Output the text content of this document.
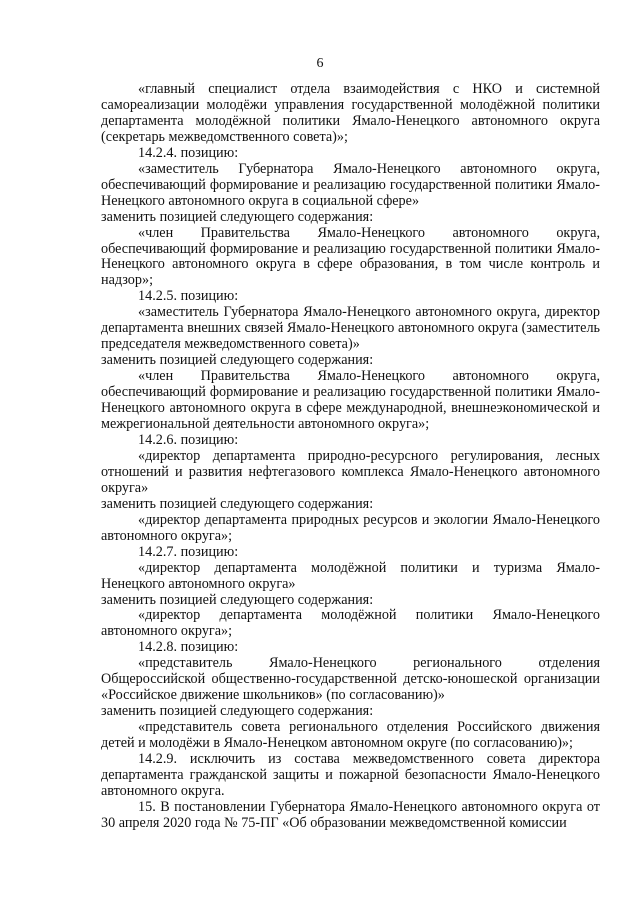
6

«главный специалист отдела взаимодействия с НКО и системной самореализации молодёжи управления государственной молодёжной политики департамента молодёжной политики Ямало-Ненецкого автономного округа (секретарь межведомственного совета)»;

14.2.4. позицию:

«заместитель Губернатора Ямало-Ненецкого автономного округа, обеспечивающий формирование и реализацию государственной политики Ямало-Ненецкого автономного округа в социальной сфере»

заменить позицией следующего содержания:

«член Правительства Ямало-Ненецкого автономного округа, обеспечивающий формирование и реализацию государственной политики Ямало-Ненецкого автономного округа в сфере образования, в том числе контроль и надзор»;

14.2.5. позицию:

«заместитель Губернатора Ямало-Ненецкого автономного округа, директор департамента внешних связей Ямало-Ненецкого автономного округа (заместитель председателя межведомственного совета)»

заменить позицией следующего содержания:

«член Правительства Ямало-Ненецкого автономного округа, обеспечивающий формирование и реализацию государственной политики Ямало-Ненецкого автономного округа в сфере международной, внешнеэкономической и межрегиональной деятельности автономного округа»;

14.2.6. позицию:

«директор департамента природно-ресурсного регулирования, лесных отношений и развития нефтегазового комплекса Ямало-Ненецкого автономного округа»

заменить позицией следующего содержания:

«директор департамента природных ресурсов и экологии Ямало-Ненецкого автономного округа»;

14.2.7. позицию:

«директор департамента молодёжной политики и туризма Ямало-Ненецкого автономного округа»

заменить позицией следующего содержания:

«директор департамента молодёжной политики Ямало-Ненецкого автономного округа»;

14.2.8. позицию:

«представитель Ямало-Ненецкого регионального отделения Общероссийской общественно-государственной детско-юношеской организации «Российское движение школьников» (по согласованию)»

заменить позицией следующего содержания:

«представитель совета регионального отделения Российского движения детей и молодёжи в Ямало-Ненецком автономном округе (по согласованию)»;

14.2.9. исключить из состава межведомственного совета директора департамента гражданской защиты и пожарной безопасности Ямало-Ненецкого автономного округа.

15. В постановлении Губернатора Ямало-Ненецкого автономного округа от 30 апреля 2020 года № 75-ПГ «Об образовании межведомственной комиссии
